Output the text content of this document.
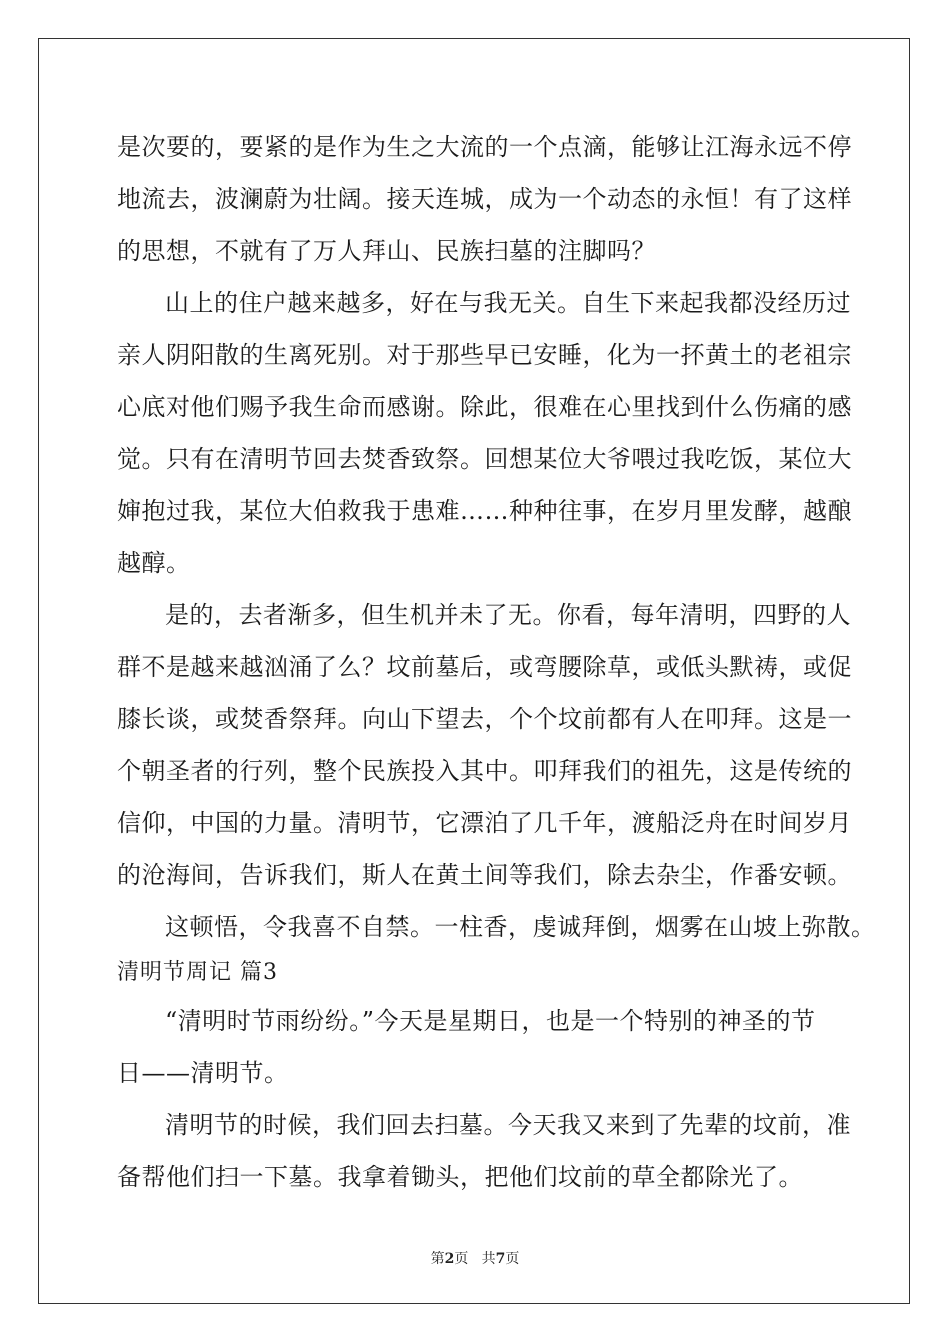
是次要的，要紧的是作为生之大流的一个点滴，能够让江海永远不停
地流去，波澜蔚为壮阔。接天连城，成为一个动态的永恒！有了这样
的思想，不就有了万人拜山、民族扫墓的注脚吗？
山上的住户越来越多，好在与我无关。自生下来起我都没经历过
亲人阴阳散的生离死别。对于那些早已安睡，化为一抔黄土的老祖宗
心底对他们赐予我生命而感谢。除此，很难在心里找到什么伤痛的感
觉。只有在清明节回去焚香致祭。回想某位大爷喂过我吃饭，某位大
婶抱过我，某位大伯救我于患难……种种往事，在岁月里发酵，越酿
越醇。
是的，去者渐多，但生机并未了无。你看，每年清明，四野的人
群不是越来越汹涌了么？坟前墓后，或弯腰除草，或低头默祷，或促
膝长谈，或焚香祭拜。向山下望去，个个坟前都有人在叩拜。这是一
个朝圣者的行列，整个民族投入其中。叩拜我们的祖先，这是传统的
信仰，中国的力量。清明节，它漂泊了几千年，渡船泛舟在时间岁月
的沧海间，告诉我们，斯人在黄土间等我们，除去杂尘，作番安顿。
这顿悟，令我喜不自禁。一柱香，虔诚拜倒，烟雾在山坡上弥散。
清明节周记 篇3
“清明时节雨纷纷。”今天是星期日，也是一个特别的神圣的节
日——清明节。
清明节的时候，我们回去扫墓。今天我又来到了先辈的坟前，准
备帮他们扫一下墓。我拿着锄头，把他们坟前的草全都除光了。
第2页 共7页
